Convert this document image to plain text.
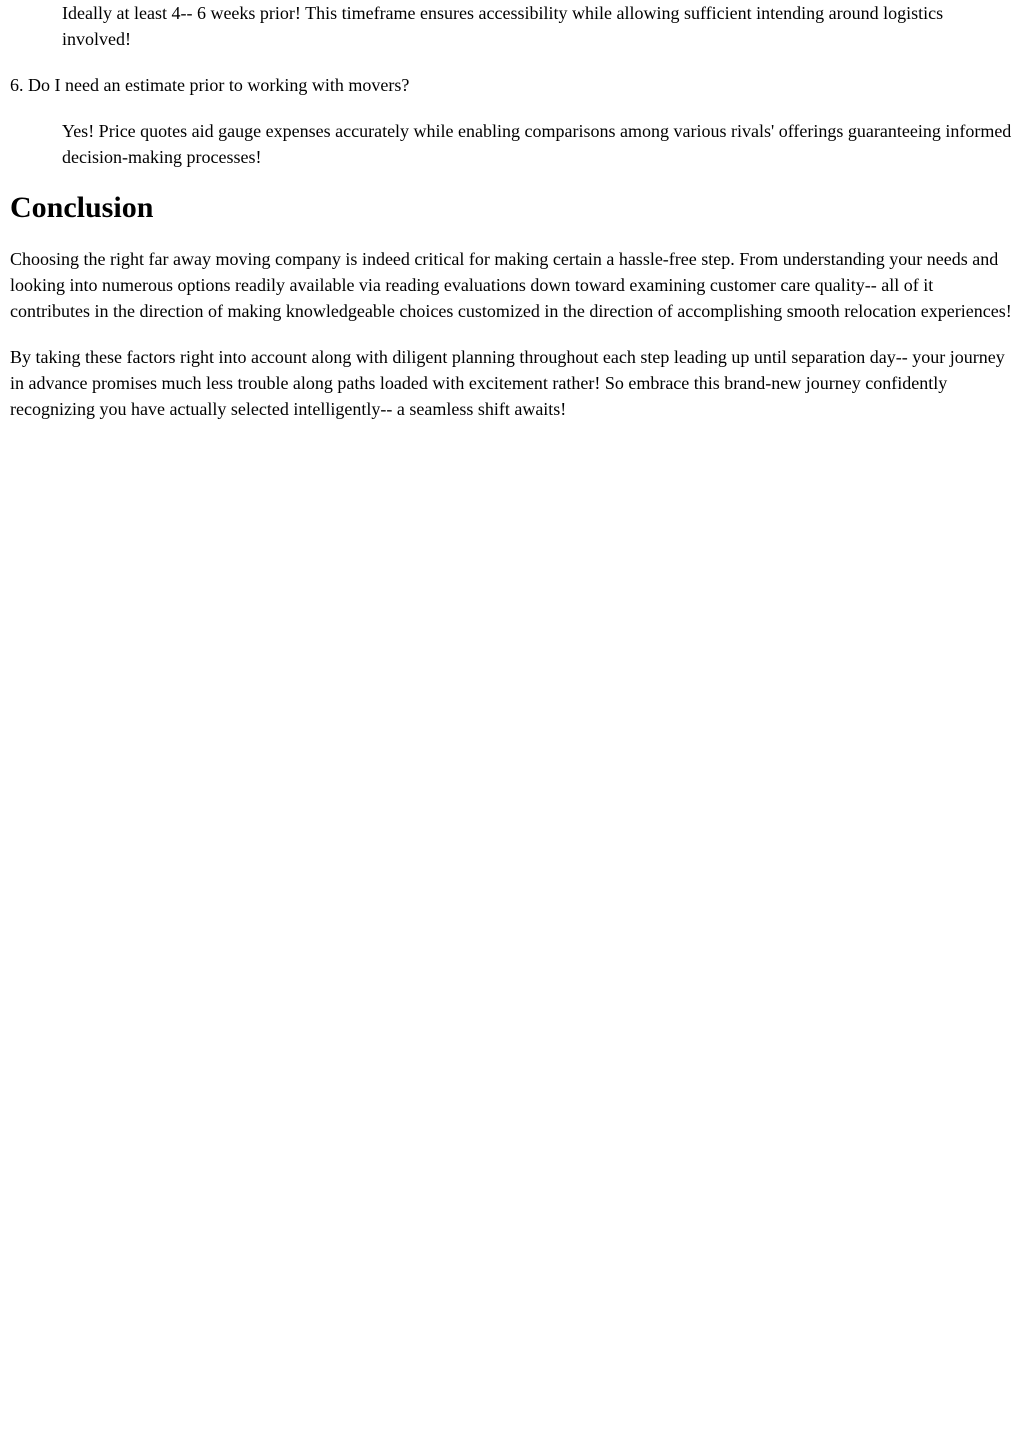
Ideally at least 4-- 6 weeks prior! This timeframe ensures accessibility while allowing sufficient intending around logistics involved!
6. Do I need an estimate prior to working with movers?
Yes! Price quotes aid gauge expenses accurately while enabling comparisons among various rivals' offerings guaranteeing informed decision-making processes!
Conclusion

Choosing the right far away moving company is indeed critical for making certain a hassle-free step. From understanding your needs and looking into numerous options readily available via reading evaluations down toward examining customer care quality-- all of it contributes in the direction of making knowledgeable choices customized in the direction of accomplishing smooth relocation experiences!

By taking these factors right into account along with diligent planning throughout each step leading up until separation day-- your journey in advance promises much less trouble along paths loaded with excitement rather! So embrace this brand-new journey confidently recognizing you have actually selected intelligently-- a seamless shift awaits!
